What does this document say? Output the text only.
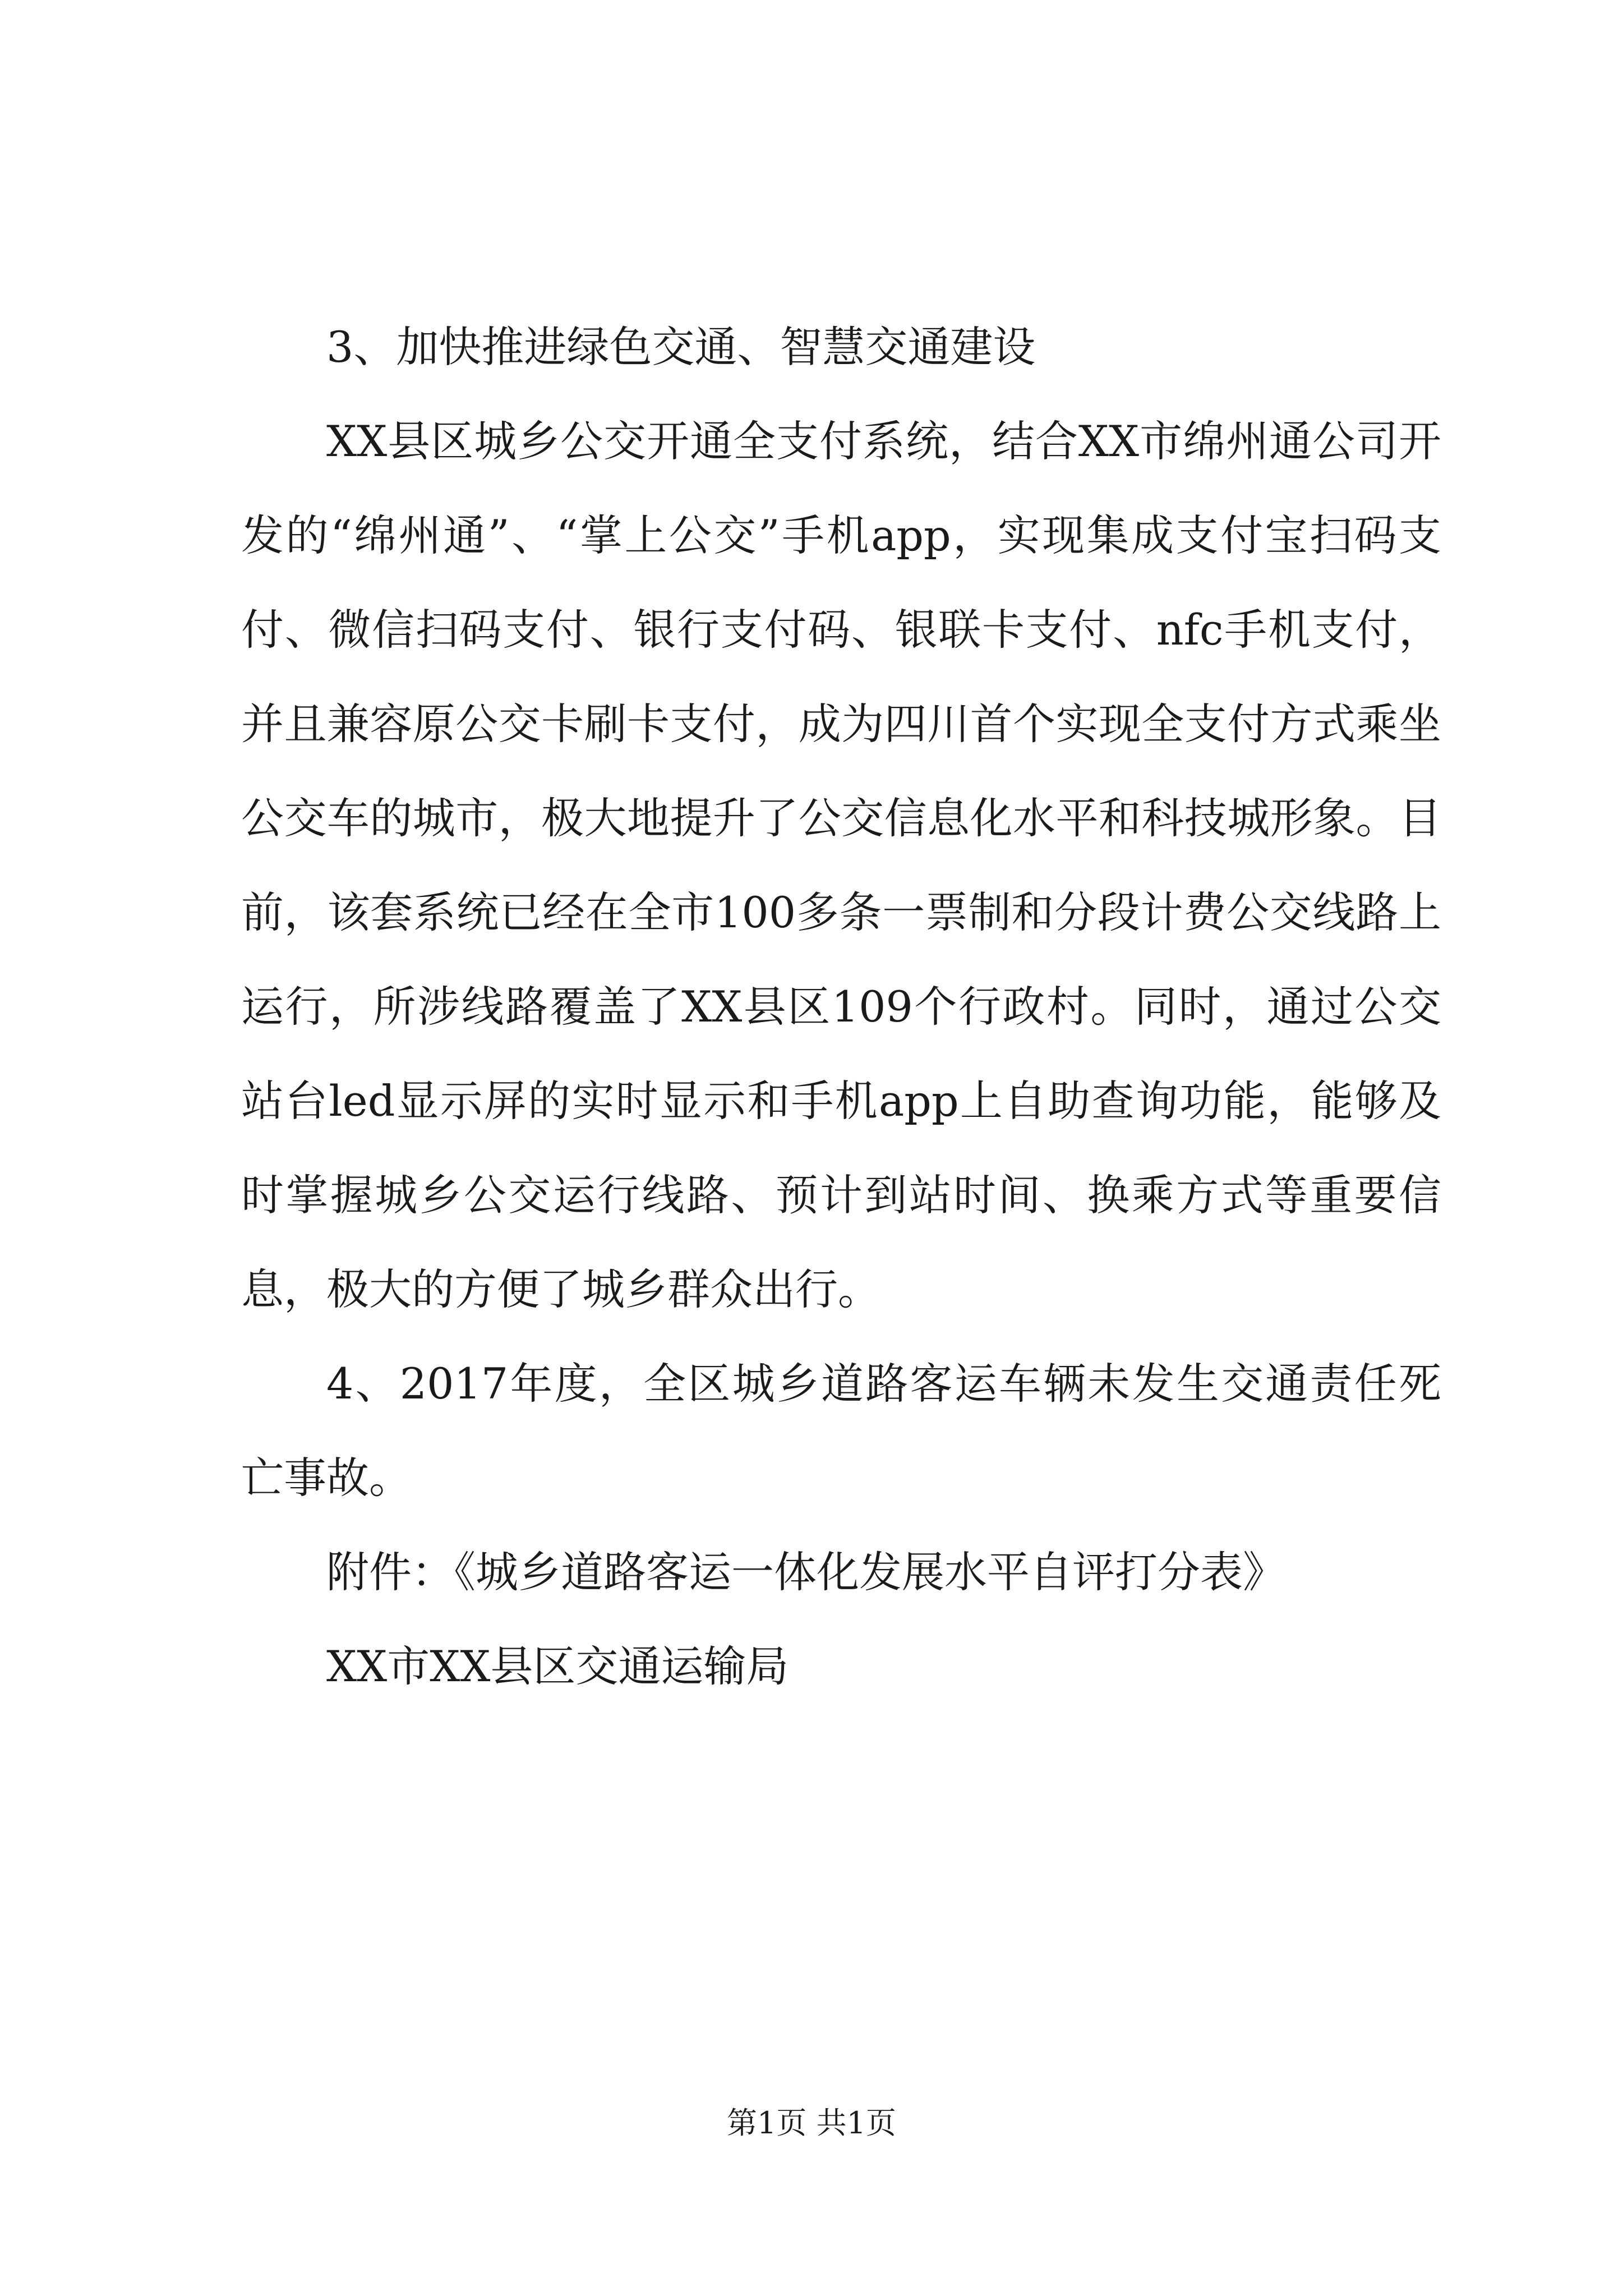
3、加快推进绿色交通、智慧交通建设

XX县区城乡公交开通全支付系统，结合XX市绵州通公司开发的“绵州通”、“掌上公交”手机app，实现集成支付宝扫码支付、微信扫码支付、银行支付码、银联卡支付、nfc手机支付，并且兼容原公交卡刷卡支付，成为四川首个实现全支付方式乘坐公交车的城市，极大地提升了公交信息化水平和科技城形象。目前，该套系统已经在全市100多条一票制和分段计费公交线路上运行，所涉线路覆盖了XX县区109个行政村。同时，通过公交站台led显示屏的实时显示和手机app上自助查询功能，能够及时掌握城乡公交运行线路、预计到站时间、换乘方式等重要信息，极大的方便了城乡群众出行。

4、2017年度，全区城乡道路客运车辆未发生交通责任死亡事故。

附件：《城乡道路客运一体化发展水平自评打分表》

XX市XX县区交通运输局

第1页 共1页
